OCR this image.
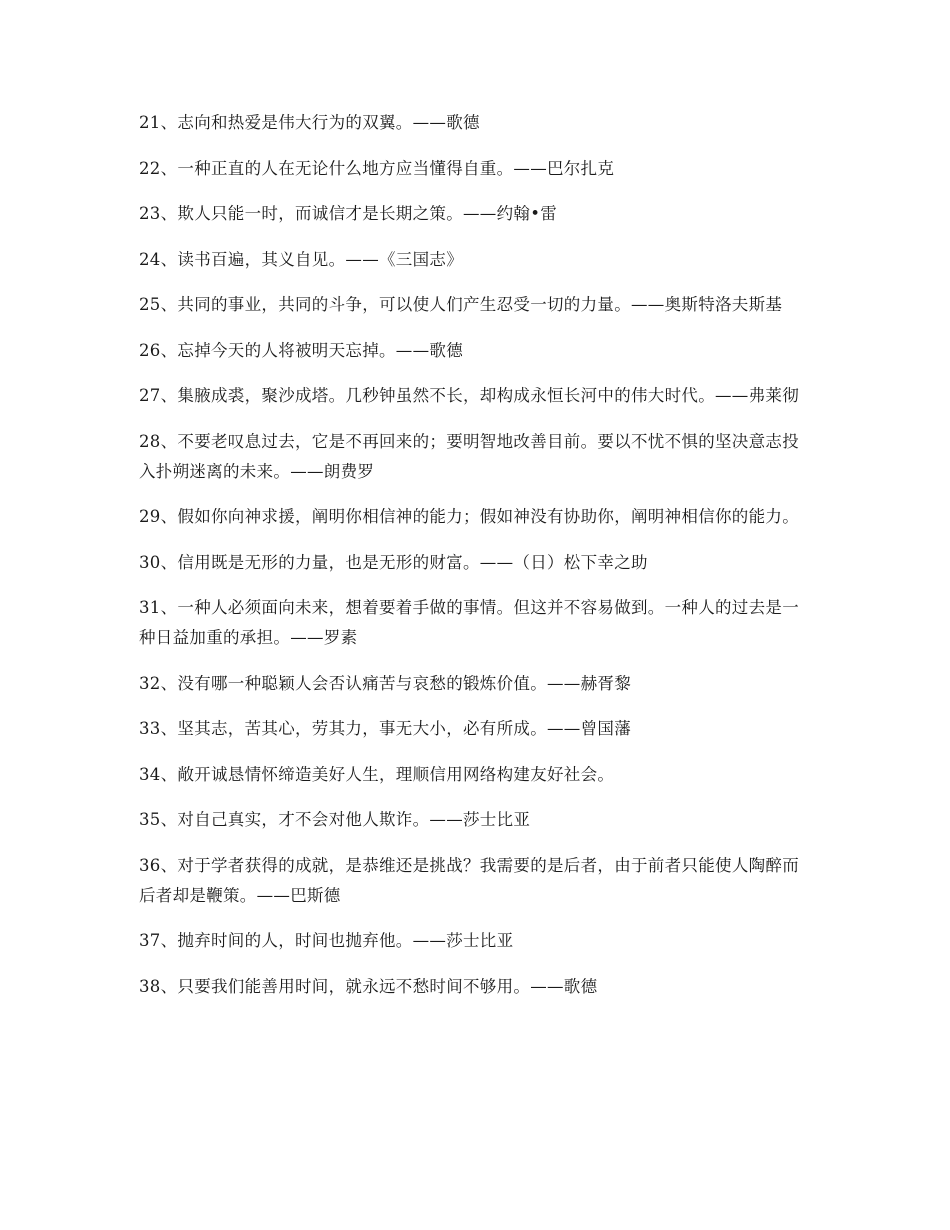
21、志向和热爱是伟大行为的双翼。——歌德

22、一种正直的人在无论什么地方应当懂得自重。——巴尔扎克

23、欺人只能一时，而诚信才是长期之策。——约翰•雷

24、读书百遍，其义自见。——《三国志》

25、共同的事业，共同的斗争，可以使人们产生忍受一切的力量。——奥斯特洛夫斯基

26、忘掉今天的人将被明天忘掉。——歌德

27、集腋成裘，聚沙成塔。几秒钟虽然不长，却构成永恒长河中的伟大时代。——弗莱彻

28、不要老叹息过去，它是不再回来的；要明智地改善目前。要以不忧不惧的坚决意志投入扑朔迷离的未来。——朗费罗

29、假如你向神求援，阐明你相信神的能力；假如神没有协助你，阐明神相信你的能力。

30、信用既是无形的力量，也是无形的财富。——（日）松下幸之助

31、一种人必须面向未来，想着要着手做的事情。但这并不容易做到。一种人的过去是一种日益加重的承担。——罗素

32、没有哪一种聪颖人会否认痛苦与哀愁的锻炼价值。——赫胥黎

33、坚其志，苦其心，劳其力，事无大小，必有所成。——曾国藩

34、敞开诚恳情怀缔造美好人生，理顺信用网络构建友好社会。

35、对自己真实，才不会对他人欺诈。——莎士比亚

36、对于学者获得的成就，是恭维还是挑战？我需要的是后者，由于前者只能使人陶醉而后者却是鞭策。——巴斯德

37、抛弃时间的人，时间也抛弃他。——莎士比亚

38、只要我们能善用时间，就永远不愁时间不够用。——歌德
